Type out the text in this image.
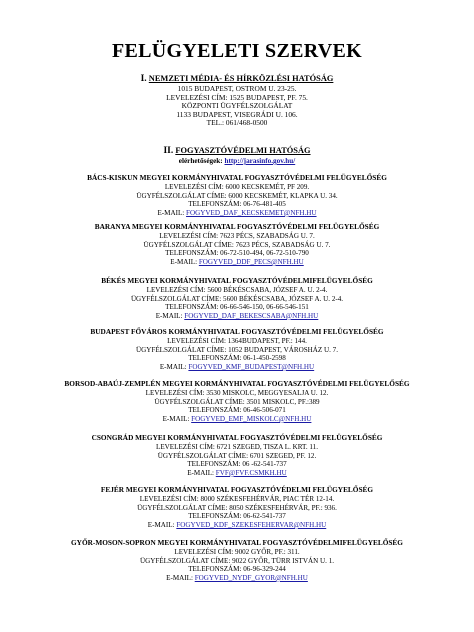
FELÜGYELETI SZERVEK
I. NEMZETI MÉDIA- ÉS HÍRKÖZLÉSI HATÓSÁG
1015 BUDAPEST, OSTROM U. 23-25.
LEVELEZÉSI CÍM: 1525 BUDAPEST, PF. 75.
KÖZPONTI ÜGYFÉLSZOLGÁLAT
1133 BUDAPEST, VISEGRÁDI U. 106.
TEL.: 061/468-0500
II. FOGYASZTÓVÉDELMI HATÓSÁG
elérhetőségek: http://jarasinfo.gov.hu/
BÁCS-KISKUN MEGYEI KORMÁNYHIVATAL FOGYASZTÓVÉDELMI FELÜGYELŐSÉG
LEVELEZÉSI CÍM: 6000 KECSKEMÉT, PF 209.
ÜGYFÉLSZOLGÁLAT CÍME: 6000 KECSKEMÉT, KLAPKA U. 34.
TELEFONSZÁM: 06-76-481-405
E-MAIL: FOGYVED_DAF_KECSKEMET@NFH.HU
BARANYA MEGYEI KORMÁNYHIVATAL FOGYASZTÓVÉDELMI FELÜGYELŐSÉG
LEVELEZÉSI CÍM: 7623 PÉCS, SZABADSÁG U. 7.
ÜGYFÉLSZOLGÁLAT CÍME: 7623 PÉCS, SZABADSÁG U. 7.
TELEFONSZÁM: 06-72-510-494, 06-72-510-790
E-MAIL: FOGYVED_DDF_PECS@NFH.HU
BÉKÉS MEGYEI KORMÁNYHIVATAL FOGYASZTÓVÉDELMIFELÜGYELŐSÉG
LEVELEZÉSI CÍM: 5600 BÉKÉSCSABA, JÓZSEF A. U. 2-4.
ÜGYFÉLSZOLGÁLAT CÍME: 5600 BÉKÉSCSABA, JÓZSEF A. U. 2-4.
TELEFONSZÁM: 06-66-546-150, 06-66-546-151
E-MAIL: FOGYVED_DAF_BEKESCSABA@NFH.HU
BUDAPEST FŐVÁROS KORMÁNYHIVATAL FOGYASZTÓVÉDELMI FELÜGYELŐSÉG
LEVELEZÉSI CÍM: 1364BUDAPEST, PF.: 144.
ÜGYFÉLSZOLGÁLAT CÍME: 1052 BUDAPEST, VÁROSHÁZ U. 7.
TELEFONSZÁM: 06-1-450-2598
E-MAIL: FOGYVED_KMF_BUDAPEST@NFH.HU
BORSOD-ABAÚJ-ZEMPLÉN MEGYEI KORMÁNYHIVATAL FOGYASZTÓVÉDELMI FELÜGYELŐSÉG
LEVELEZÉSI CÍM: 3530 MISKOLC, MEGGYESALJA U. 12.
ÜGYFÉLSZOLGÁLAT CÍME: 3501 MISKOLC, PF.:389
TELEFONSZÁM: 06-46-506-071
E-MAIL: FOGYVED_EMF_MISKOLC@NFH.HU
CSONGRÁD MEGYEI KORMÁNYHIVATAL FOGYASZTÓVÉDELMI FELÜGYELŐSÉG
LEVELEZÉSI CÍM: 6721 SZEGED, TISZA L. KRT. 11.
ÜGYFÉLSZOLGÁLAT CÍME: 6701 SZEGED, PF. 12.
TELEFONSZÁM: 06 -62-541-737
E-MAIL: FVF@FVF.CSMKH.HU
FEJÉR MEGYEI KORMÁNYHIVATAL FOGYASZTÓVÉDELMI FELÜGYELŐSÉG
LEVELEZÉSI CÍM: 8000 SZÉKESFEHÉRVÁR, PIAC TÉR 12-14.
ÜGYFÉLSZOLGÁLAT CÍME: 8050 SZÉKESFEHÉRVÁR, PF.: 936.
TELEFONSZÁM: 06-62-541-737
E-MAIL: FOGYVED_KDF_SZEKESFEHERVAR@NFH.HU
GYŐR-MOSON-SOPRON MEGYEI KORMÁNYHIVATAL FOGYASZTÓVÉDELMIFELÜGYELŐSÉG
LEVELEZÉSI CÍM: 9002 GYŐR, PF.: 311.
ÜGYFÉLSZOLGÁLAT CÍME: 9022 GYŐR, TÜRR ISTVÁN U. 1.
TELEFONSZÁM: 06-96-329-244
E-MAIL: FOGYVED_NYDF_GYOR@NFH.HU
